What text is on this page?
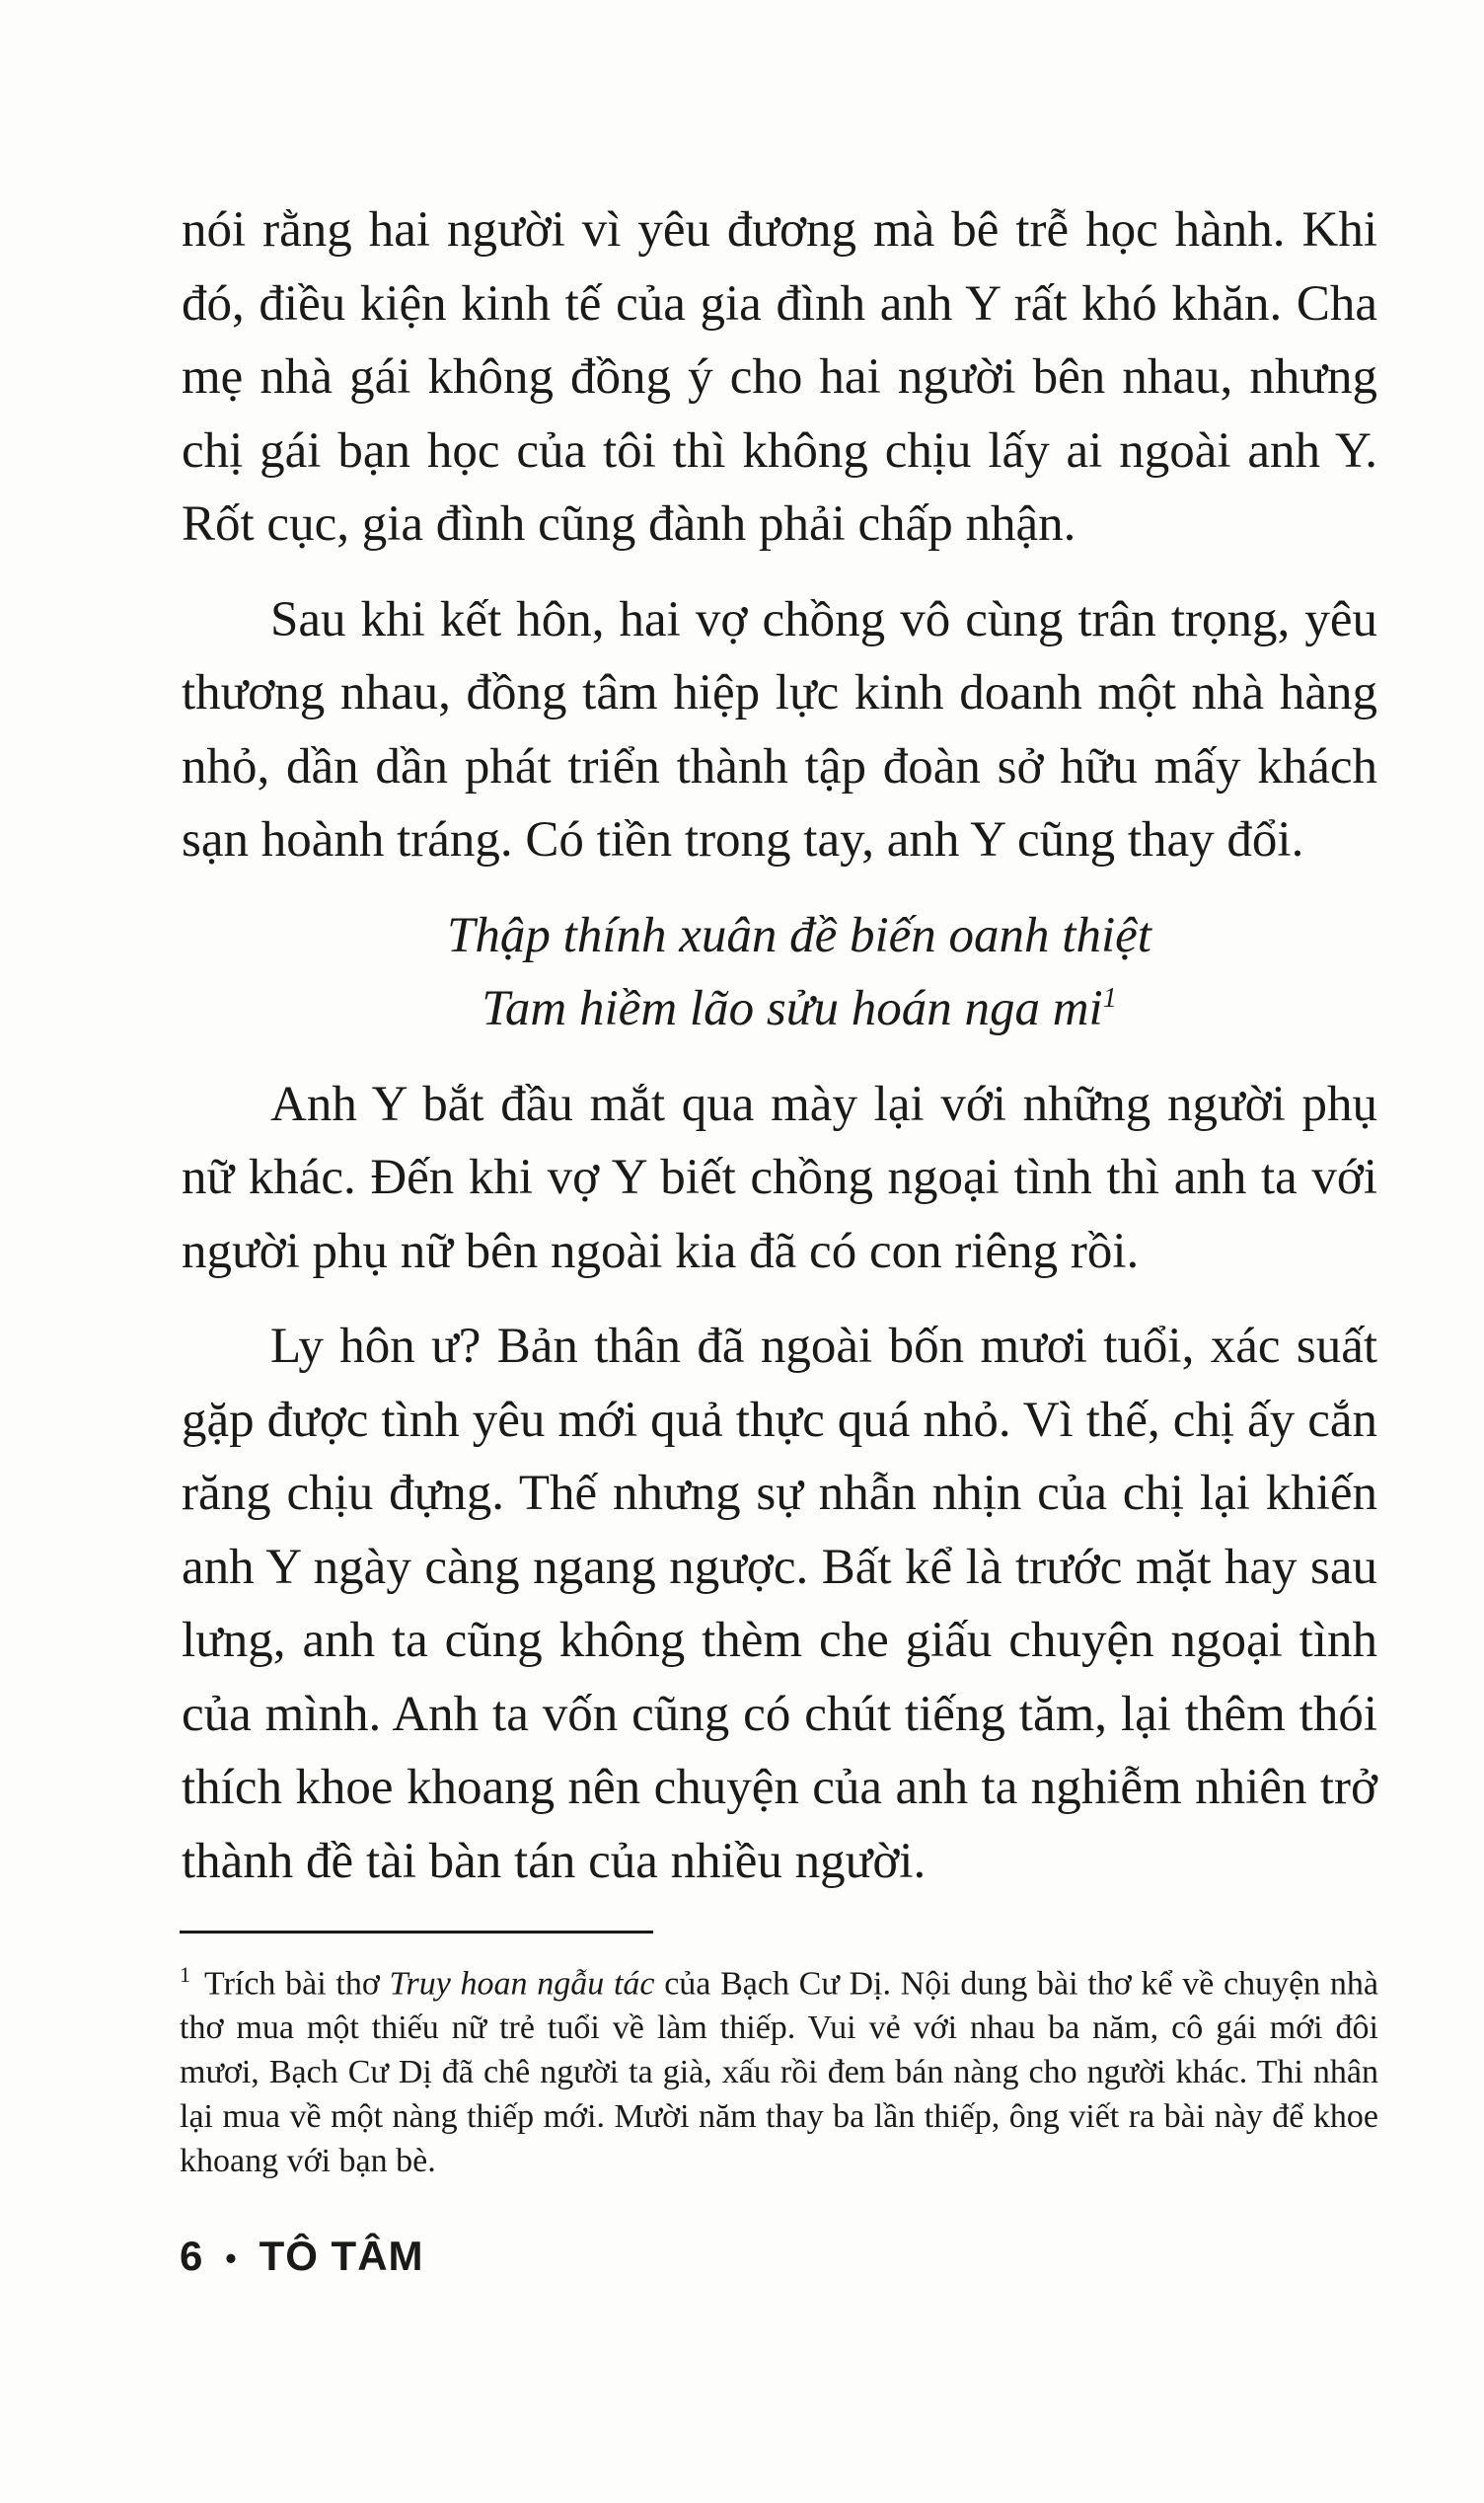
nói rằng hai người vì yêu đương mà bê trễ học hành. Khi đó, điều kiện kinh tế của gia đình anh Y rất khó khăn. Cha mẹ nhà gái không đồng ý cho hai người bên nhau, nhưng chị gái bạn học của tôi thì không chịu lấy ai ngoài anh Y. Rốt cục, gia đình cũng đành phải chấp nhận.

Sau khi kết hôn, hai vợ chồng vô cùng trân trọng, yêu thương nhau, đồng tâm hiệp lực kinh doanh một nhà hàng nhỏ, dần dần phát triển thành tập đoàn sở hữu mấy khách sạn hoành tráng. Có tiền trong tay, anh Y cũng thay đổi.

Thập thính xuân đề biến oanh thiệt
Tam hiềm lão sửu hoán nga mi$^1$

Anh Y bắt đầu mắt qua mày lại với những người phụ nữ khác. Đến khi vợ Y biết chồng ngoại tình thì anh ta với người phụ nữ bên ngoài kia đã có con riêng rồi.

Ly hôn ư? Bản thân đã ngoài bốn mươi tuổi, xác suất gặp được tình yêu mới quả thực quá nhỏ. Vì thế, chị ấy cắn răng chịu đựng. Thế nhưng sự nhẫn nhịn của chị lại khiến anh Y ngày càng ngang ngược. Bất kể là trước mặt hay sau lưng, anh ta cũng không thèm che giấu chuyện ngoại tình của mình. Anh ta vốn cũng có chút tiếng tăm, lại thêm thói thích khoe khoang nên chuyện của anh ta nghiễm nhiên trở thành đề tài bàn tán của nhiều người.

$^1$ Trích bài thơ Truy hoan ngẫu tác của Bạch Cư Dị. Nội dung bài thơ kể về chuyện nhà thơ mua một thiếu nữ trẻ tuổi về làm thiếp. Vui vẻ với nhau ba năm, cô gái mới đôi mươi, Bạch Cư Dị đã chê người ta già, xấu rồi đem bán nàng cho người khác. Thi nhân lại mua về một nàng thiếp mới. Mười năm thay ba lần thiếp, ông viết ra bài này để khoe khoang với bạn bè.
6 • TÔ TÂM
